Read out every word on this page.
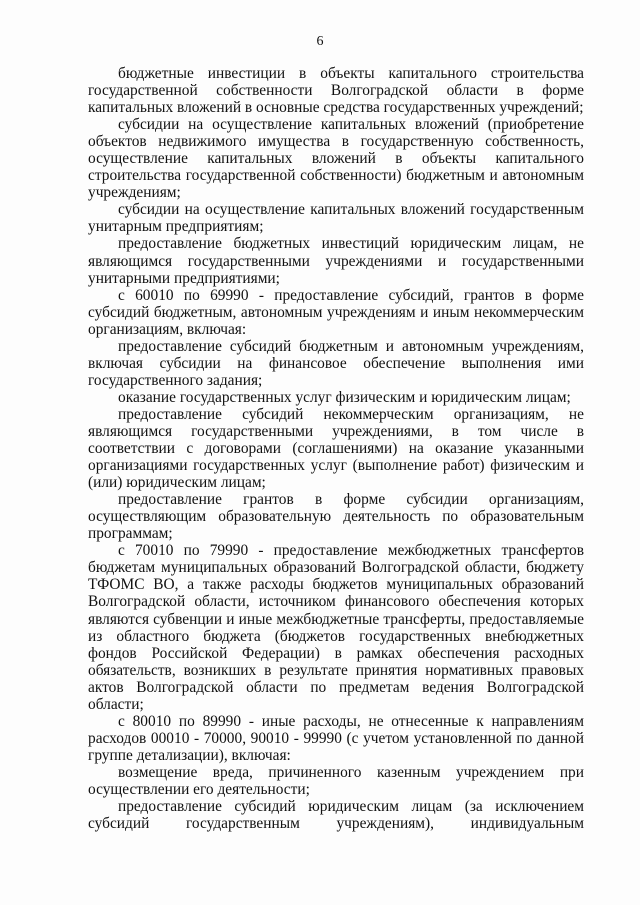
6

бюджетные инвестиции в объекты капитального строительства государственной собственности Волгоградской области в форме капитальных вложений в основные средства государственных учреждений;

субсидии на осуществление капитальных вложений (приобретение объектов недвижимого имущества в государственную собственность, осуществление капитальных вложений в объекты капитального строительства государственной собственности) бюджетным и автономным учреждениям;

субсидии на осуществление капитальных вложений государственным унитарным предприятиям;

предоставление бюджетных инвестиций юридическим лицам, не являющимся государственными учреждениями и государственными унитарными предприятиями;

с 60010 по 69990 - предоставление субсидий, грантов в форме субсидий бюджетным, автономным учреждениям и иным некоммерческим организациям, включая:

предоставление субсидий бюджетным и автономным учреждениям, включая субсидии на финансовое обеспечение выполнения ими государственного задания;

оказание государственных услуг физическим и юридическим лицам;

предоставление субсидий некоммерческим организациям, не являющимся государственными учреждениями, в том числе в соответствии с договорами (соглашениями) на оказание указанными организациями государственных услуг (выполнение работ) физическим и (или) юридическим лицам;

предоставление грантов в форме субсидии организациям, осуществляющим образовательную деятельность по образовательным программам;

с 70010 по 79990 - предоставление межбюджетных трансфертов бюджетам муниципальных образований Волгоградской области, бюджету ТФОМС ВО, а также расходы бюджетов муниципальных образований Волгоградской области, источником финансового обеспечения которых являются субвенции и иные межбюджетные трансферты, предоставляемые из областного бюджета (бюджетов государственных внебюджетных фондов Российской Федерации) в рамках обеспечения расходных обязательств, возникших в результате принятия нормативных правовых актов Волгоградской области по предметам ведения Волгоградской области;

с 80010 по 89990 - иные расходы, не отнесенные к направлениям расходов 00010 - 70000, 90010 - 99990 (с учетом установленной по данной группе детализации), включая:

возмещение вреда, причиненного казенным учреждением при осуществлении его деятельности;

предоставление субсидий юридическим лицам (за исключением субсидий государственным учреждениям), индивидуальным
